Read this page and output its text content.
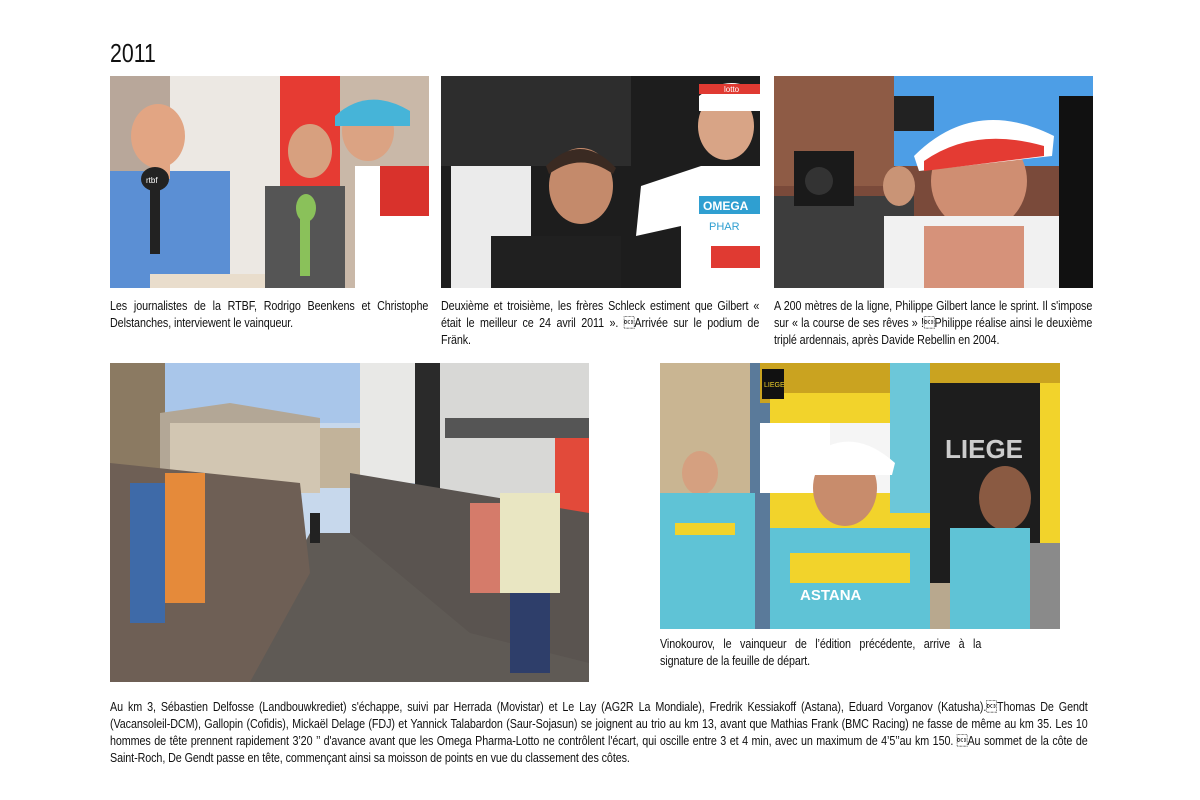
2011
rtbf
lotto
OMEGA
PHAR
LIEGE
LIEGE
ASTANA
Les journalistes de la RTBF, Rodrigo Beenkens et Christophe Delstanches, interviewent le vainqueur.
Deuxième et troisième, les frères Schleck estiment que Gilbert « était le meilleur ce 24 avril 2011 ». Arrivée sur le podium de Fränk.
A 200 mètres de la ligne, Philippe Gilbert lance le sprint. Il s'impose sur « la course de ses rêves » !Philippe réalise ainsi le deuxième triplé ardennais, après Davide Rebellin en 2004.
Vinokourov, le vainqueur de l’édition précédente, arrive à la signature de la feuille de départ.
Au km 3, Sébastien Delfosse (Landbouwkrediet) s'échappe, suivi par Herrada (Movistar) et Le Lay (AG2R La Mondiale), Fredrik Kessiakoff (Astana), Eduard Vorganov (Katusha).Thomas De Gendt (Vacansoleil-DCM), Gallopin (Cofidis), Mickaël Delage (FDJ) et Yannick Talabardon (Saur-Sojasun) se joignent au trio au km 13, avant que Mathias Frank (BMC Racing) ne fasse de même au km 35. Les 10 hommes de tête prennent rapidement 3’20 ’’ d'avance avant que les Omega Pharma-Lotto ne contrôlent l'écart, qui oscille entre 3 et 4 min, avec un maximum de 4’5’’au km 150. Au sommet de la côte de Saint-Roch, De Gendt passe en tête, commençant ainsi sa moisson de points en vue du classement des côtes.
